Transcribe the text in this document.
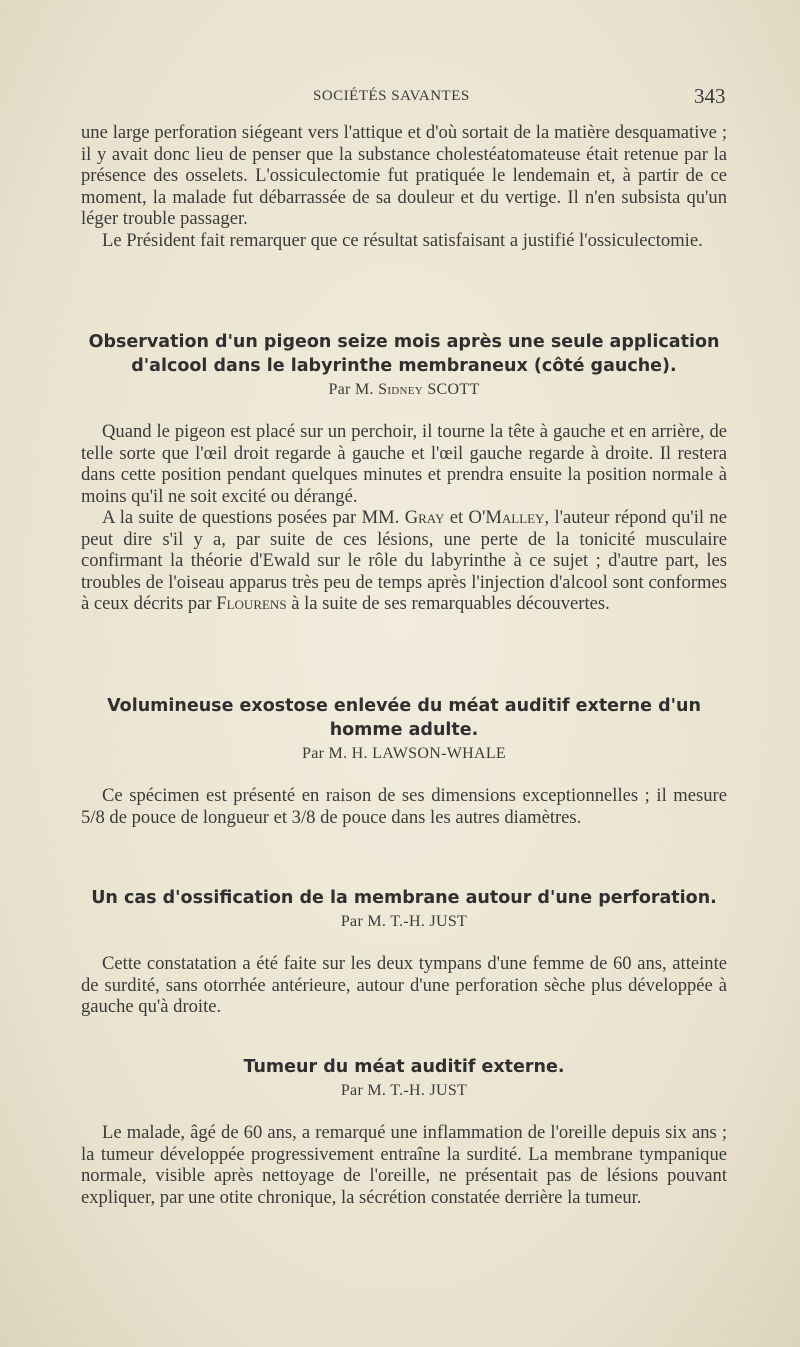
SOCIÉTÉS SAVANTES	343

une large perforation siégeant vers l'attique et d'où sortait de la matière desquamative ; il y avait donc lieu de penser que la substance cholestéatomateuse était retenue par la présence des osselets. L'ossiculectomie fut pratiquée le lendemain et, à partir de ce moment, la malade fut débarrassée de sa douleur et du vertige. Il n'en subsista qu'un léger trouble passager.

Le Président fait remarquer que ce résultat satisfaisant a justifié l'ossiculectomie.

Observation d'un pigeon seize mois après une seule application d'alcool dans le labyrinthe membraneux (côté gauche).
Par M. Sidney SCOTT

Quand le pigeon est placé sur un perchoir, il tourne la tête à gauche et en arrière, de telle sorte que l'œil droit regarde à gauche et l'œil gauche regarde à droite. Il restera dans cette position pendant quelques minutes et prendra ensuite la position normale à moins qu'il ne soit excité ou dérangé.

A la suite de questions posées par MM. Gray et O'Malley, l'auteur répond qu'il ne peut dire s'il y a, par suite de ces lésions, une perte de la tonicité musculaire confirmant la théorie d'Ewald sur le rôle du labyrinthe à ce sujet ; d'autre part, les troubles de l'oiseau apparus très peu de temps après l'injection d'alcool sont conformes à ceux décrits par Flourens à la suite de ses remarquables découvertes.

Volumineuse exostose enlevée du méat auditif externe d'un homme adulte.
Par M. H. LAWSON-WHALE

Ce spécimen est présenté en raison de ses dimensions exceptionnelles ; il mesure 5/8 de pouce de longueur et 3/8 de pouce dans les autres diamètres.

Un cas d'ossification de la membrane autour d'une perforation.
Par M. T.-H. JUST

Cette constatation a été faite sur les deux tympans d'une femme de 60 ans, atteinte de surdité, sans otorrhée antérieure, autour d'une perforation sèche plus développée à gauche qu'à droite.

Tumeur du méat auditif externe.
Par M. T.-H. JUST

Le malade, âgé de 60 ans, a remarqué une inflammation de l'oreille depuis six ans ; la tumeur développée progressivement entraîne la surdité. La membrane tympanique normale, visible après nettoyage de l'oreille, ne présentait pas de lésions pouvant expliquer, par une otite chronique, la sécrétion constatée derrière la tumeur.
